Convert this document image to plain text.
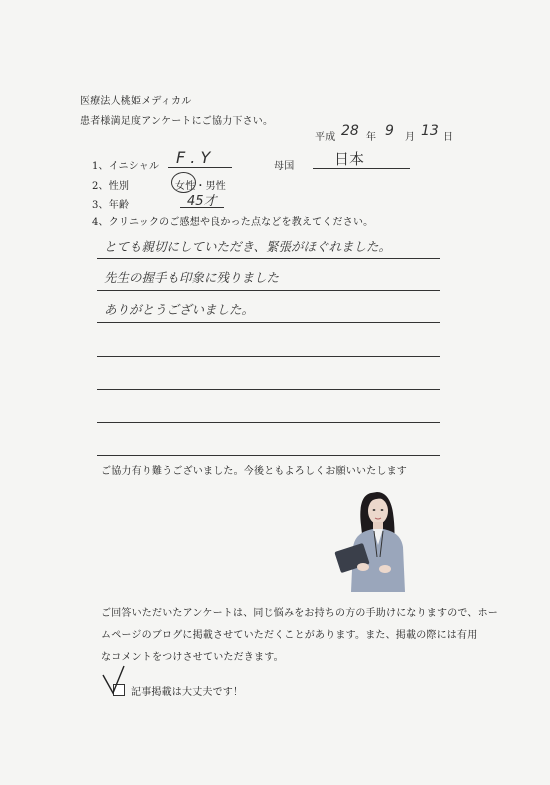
医療法人桃姫メディカル
患者様満足度アンケートにご協力下さい。
平成 28 年 9 月 13 日
1、イニシャル F . Y	母国	日本
2、性別	女性・男性
3、年齢	45才
4、クリニックのご感想や良かった点などを教えてください。
とても親切にしていただき、緊張がほぐれました。
先生の握手も印象に残りました
ありがとうございました。
ご協力有り難うございました。今後ともよろしくお願いいたします
ご回答いただいたアンケートは、同じ悩みをお持ちの方の手助けになりますので、ホー
ムページのブログに掲載させていただくことがあります。また、掲載の際には有用
なコメントをつけさせていただきます。
記事掲載は大丈夫です！
